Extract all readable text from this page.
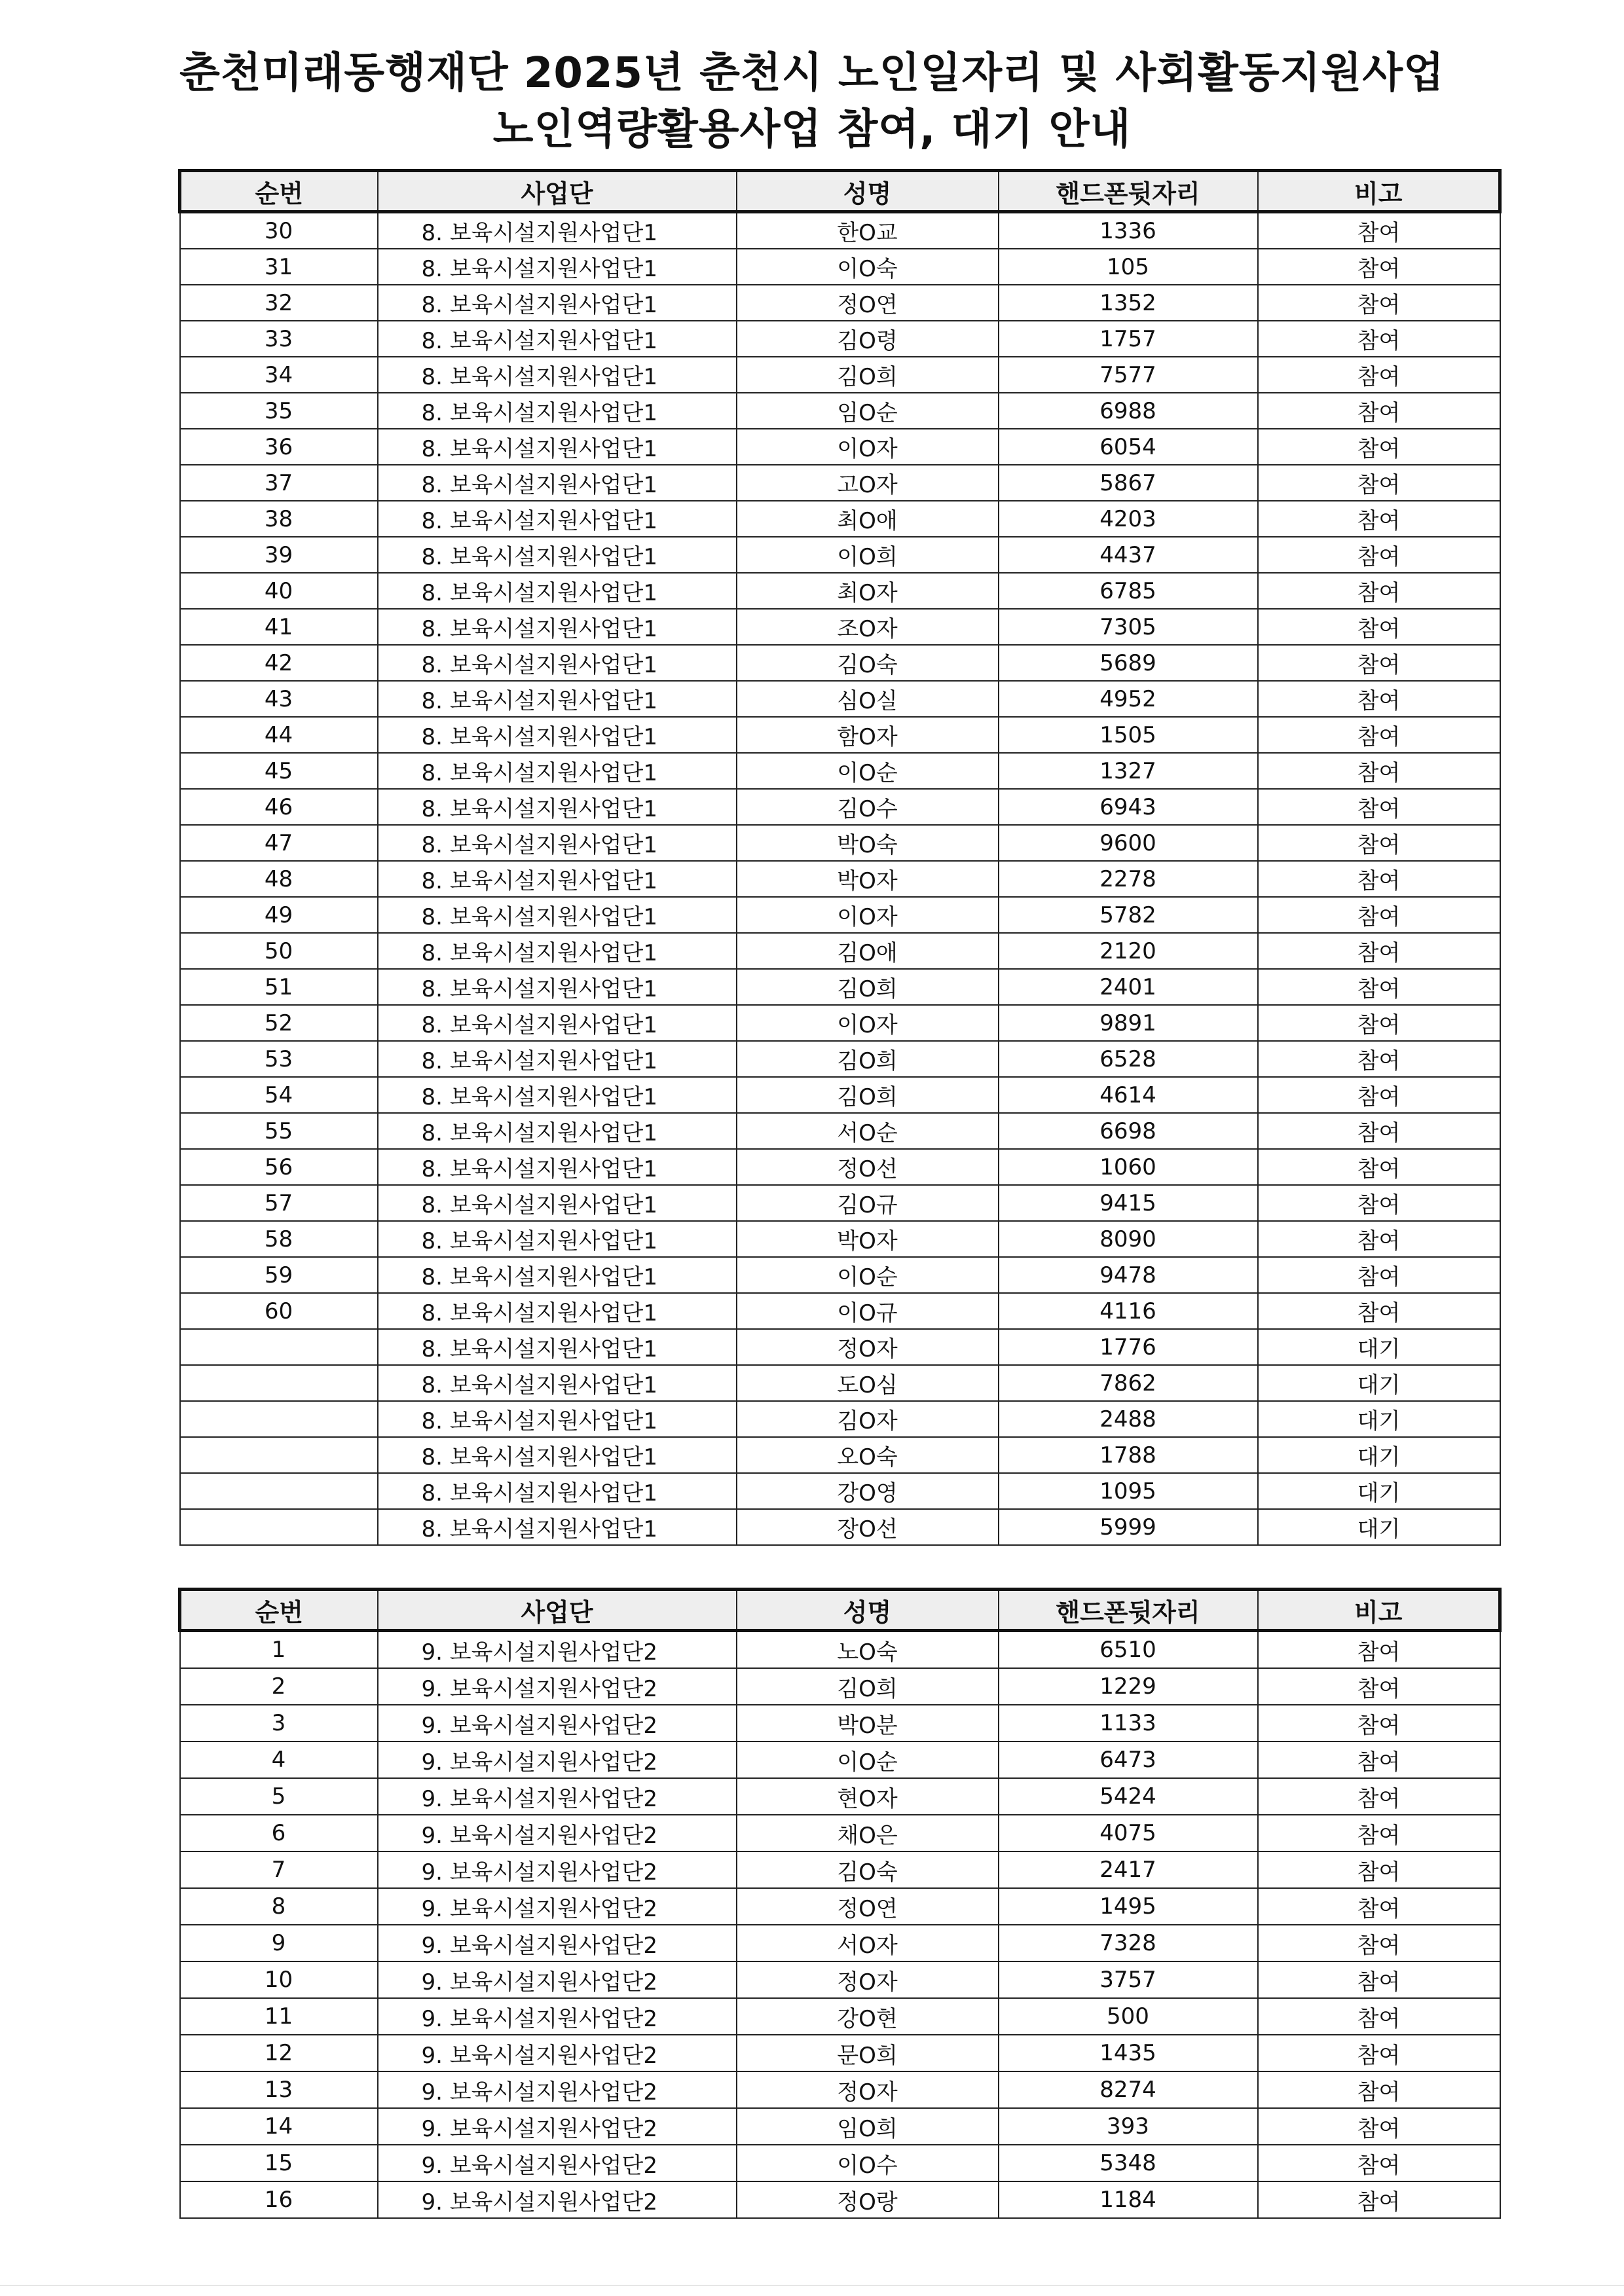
춘천미래동행재단 2025년 춘천시 노인일자리 및 사회활동지원사업
노인역량활용사업 참여, 대기 안내
순번	사업단	성명	핸드폰뒷자리	비고
30	8. 보육시설지원사업단1	한O교	1336	참여
31	8. 보육시설지원사업단1	이O숙	105	참여
32	8. 보육시설지원사업단1	정O연	1352	참여
33	8. 보육시설지원사업단1	김O령	1757	참여
34	8. 보육시설지원사업단1	김O희	7577	참여
35	8. 보육시설지원사업단1	임O순	6988	참여
36	8. 보육시설지원사업단1	이O자	6054	참여
37	8. 보육시설지원사업단1	고O자	5867	참여
38	8. 보육시설지원사업단1	최O애	4203	참여
39	8. 보육시설지원사업단1	이O희	4437	참여
40	8. 보육시설지원사업단1	최O자	6785	참여
41	8. 보육시설지원사업단1	조O자	7305	참여
42	8. 보육시설지원사업단1	김O숙	5689	참여
43	8. 보육시설지원사업단1	심O실	4952	참여
44	8. 보육시설지원사업단1	함O자	1505	참여
45	8. 보육시설지원사업단1	이O순	1327	참여
46	8. 보육시설지원사업단1	김O수	6943	참여
47	8. 보육시설지원사업단1	박O숙	9600	참여
48	8. 보육시설지원사업단1	박O자	2278	참여
49	8. 보육시설지원사업단1	이O자	5782	참여
50	8. 보육시설지원사업단1	김O애	2120	참여
51	8. 보육시설지원사업단1	김O희	2401	참여
52	8. 보육시설지원사업단1	이O자	9891	참여
53	8. 보육시설지원사업단1	김O희	6528	참여
54	8. 보육시설지원사업단1	김O희	4614	참여
55	8. 보육시설지원사업단1	서O순	6698	참여
56	8. 보육시설지원사업단1	정O선	1060	참여
57	8. 보육시설지원사업단1	김O규	9415	참여
58	8. 보육시설지원사업단1	박O자	8090	참여
59	8. 보육시설지원사업단1	이O순	9478	참여
60	8. 보육시설지원사업단1	이O규	4116	참여
	8. 보육시설지원사업단1	정O자	1776	대기
	8. 보육시설지원사업단1	도O심	7862	대기
	8. 보육시설지원사업단1	김O자	2488	대기
	8. 보육시설지원사업단1	오O숙	1788	대기
	8. 보육시설지원사업단1	강O영	1095	대기
	8. 보육시설지원사업단1	장O선	5999	대기
순번	사업단	성명	핸드폰뒷자리	비고
1	9. 보육시설지원사업단2	노O숙	6510	참여
2	9. 보육시설지원사업단2	김O희	1229	참여
3	9. 보육시설지원사업단2	박O분	1133	참여
4	9. 보육시설지원사업단2	이O순	6473	참여
5	9. 보육시설지원사업단2	현O자	5424	참여
6	9. 보육시설지원사업단2	채O은	4075	참여
7	9. 보육시설지원사업단2	김O숙	2417	참여
8	9. 보육시설지원사업단2	정O연	1495	참여
9	9. 보육시설지원사업단2	서O자	7328	참여
10	9. 보육시설지원사업단2	정O자	3757	참여
11	9. 보육시설지원사업단2	강O현	500	참여
12	9. 보육시설지원사업단2	문O희	1435	참여
13	9. 보육시설지원사업단2	정O자	8274	참여
14	9. 보육시설지원사업단2	임O희	393	참여
15	9. 보육시설지원사업단2	이O수	5348	참여
16	9. 보육시설지원사업단2	정O랑	1184	참여
